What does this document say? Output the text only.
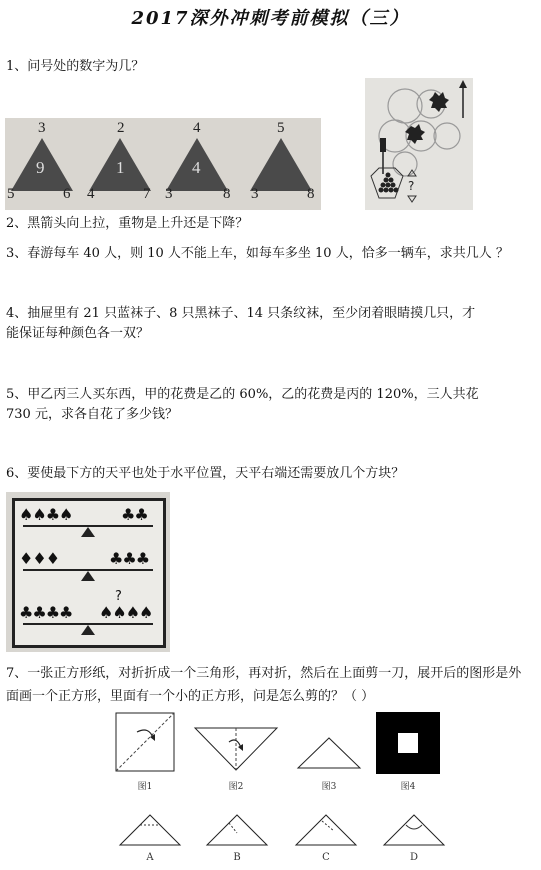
2017深外冲刺考前模拟（三）
1、问号处的数字为几？
3
9
5	6
2
1
4	7
4
4
3	8
5
3	8	?
2、黑箭头向上拉，重物是上升还是下降？
3、春游每车 40 人，则 10 人不能上车，如每车多坐 10 人，恰多一辆车，求共几人 ？
4、抽屉里有 21 只蓝袜子、8 只黑袜子、14 只条纹袜，至少闭着眼睛摸几只，才
能保证每种颜色各一双？
5、甲乙丙三人买东西，甲的花费是乙的 60%，乙的花费是丙的 120%，三人共花
730 元，求各自花了多少钱？
6、要使最下方的天平也处于水平位置，天平右端还需要放几个方块？
♠♠♣♠	♣♣
♦♦♦	♣♣♣
?
♣♣♣♣ ♠♠♠♠
7、一张正方形纸，对折折成一个三角形，再对折，然后在上面剪一刀，展开后的图形是外
面画一个正方形，里面有一个小的正方形，问是怎么剪的？（ ）
图1	图2	图3	图4
A	B	C	D
